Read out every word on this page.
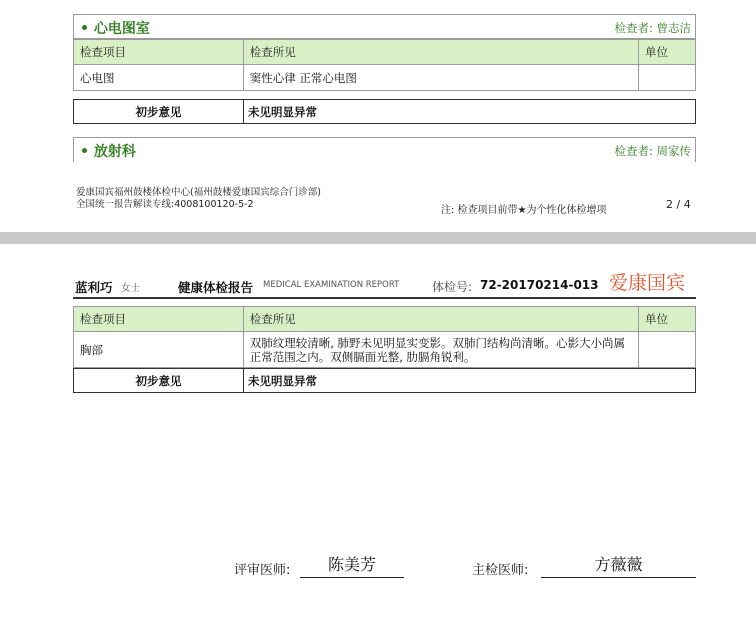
• 心电图室	检查者: 曾志洁
检查项目	检查所见	单位
心电图	窦性心律 正常心电图	
初步意见	未见明显异常
• 放射科	检查者: 周家传
爱康国宾福州鼓楼体检中心(福州鼓楼爱康国宾综合门诊部)
全国统一报告解读专线:4008100120-5-2
注: 检查项目前带★为个性化体检增项	2 / 4
蓝利巧 女士	健康体检报告 MEDICAL EXAMINATION REPORT	体检号: 72-20170214-013 爱康国宾
检查项目	检查所见	单位
胸部	双肺纹理较清晰, 肺野未见明显实变影。双肺门结构尚清晰。心影大小尚属正常范围之内。双侧膈面光整, 肋膈角锐利。	
初步意见	未见明显异常
评审医师:	陈美芳	主检医师:	方薇薇
